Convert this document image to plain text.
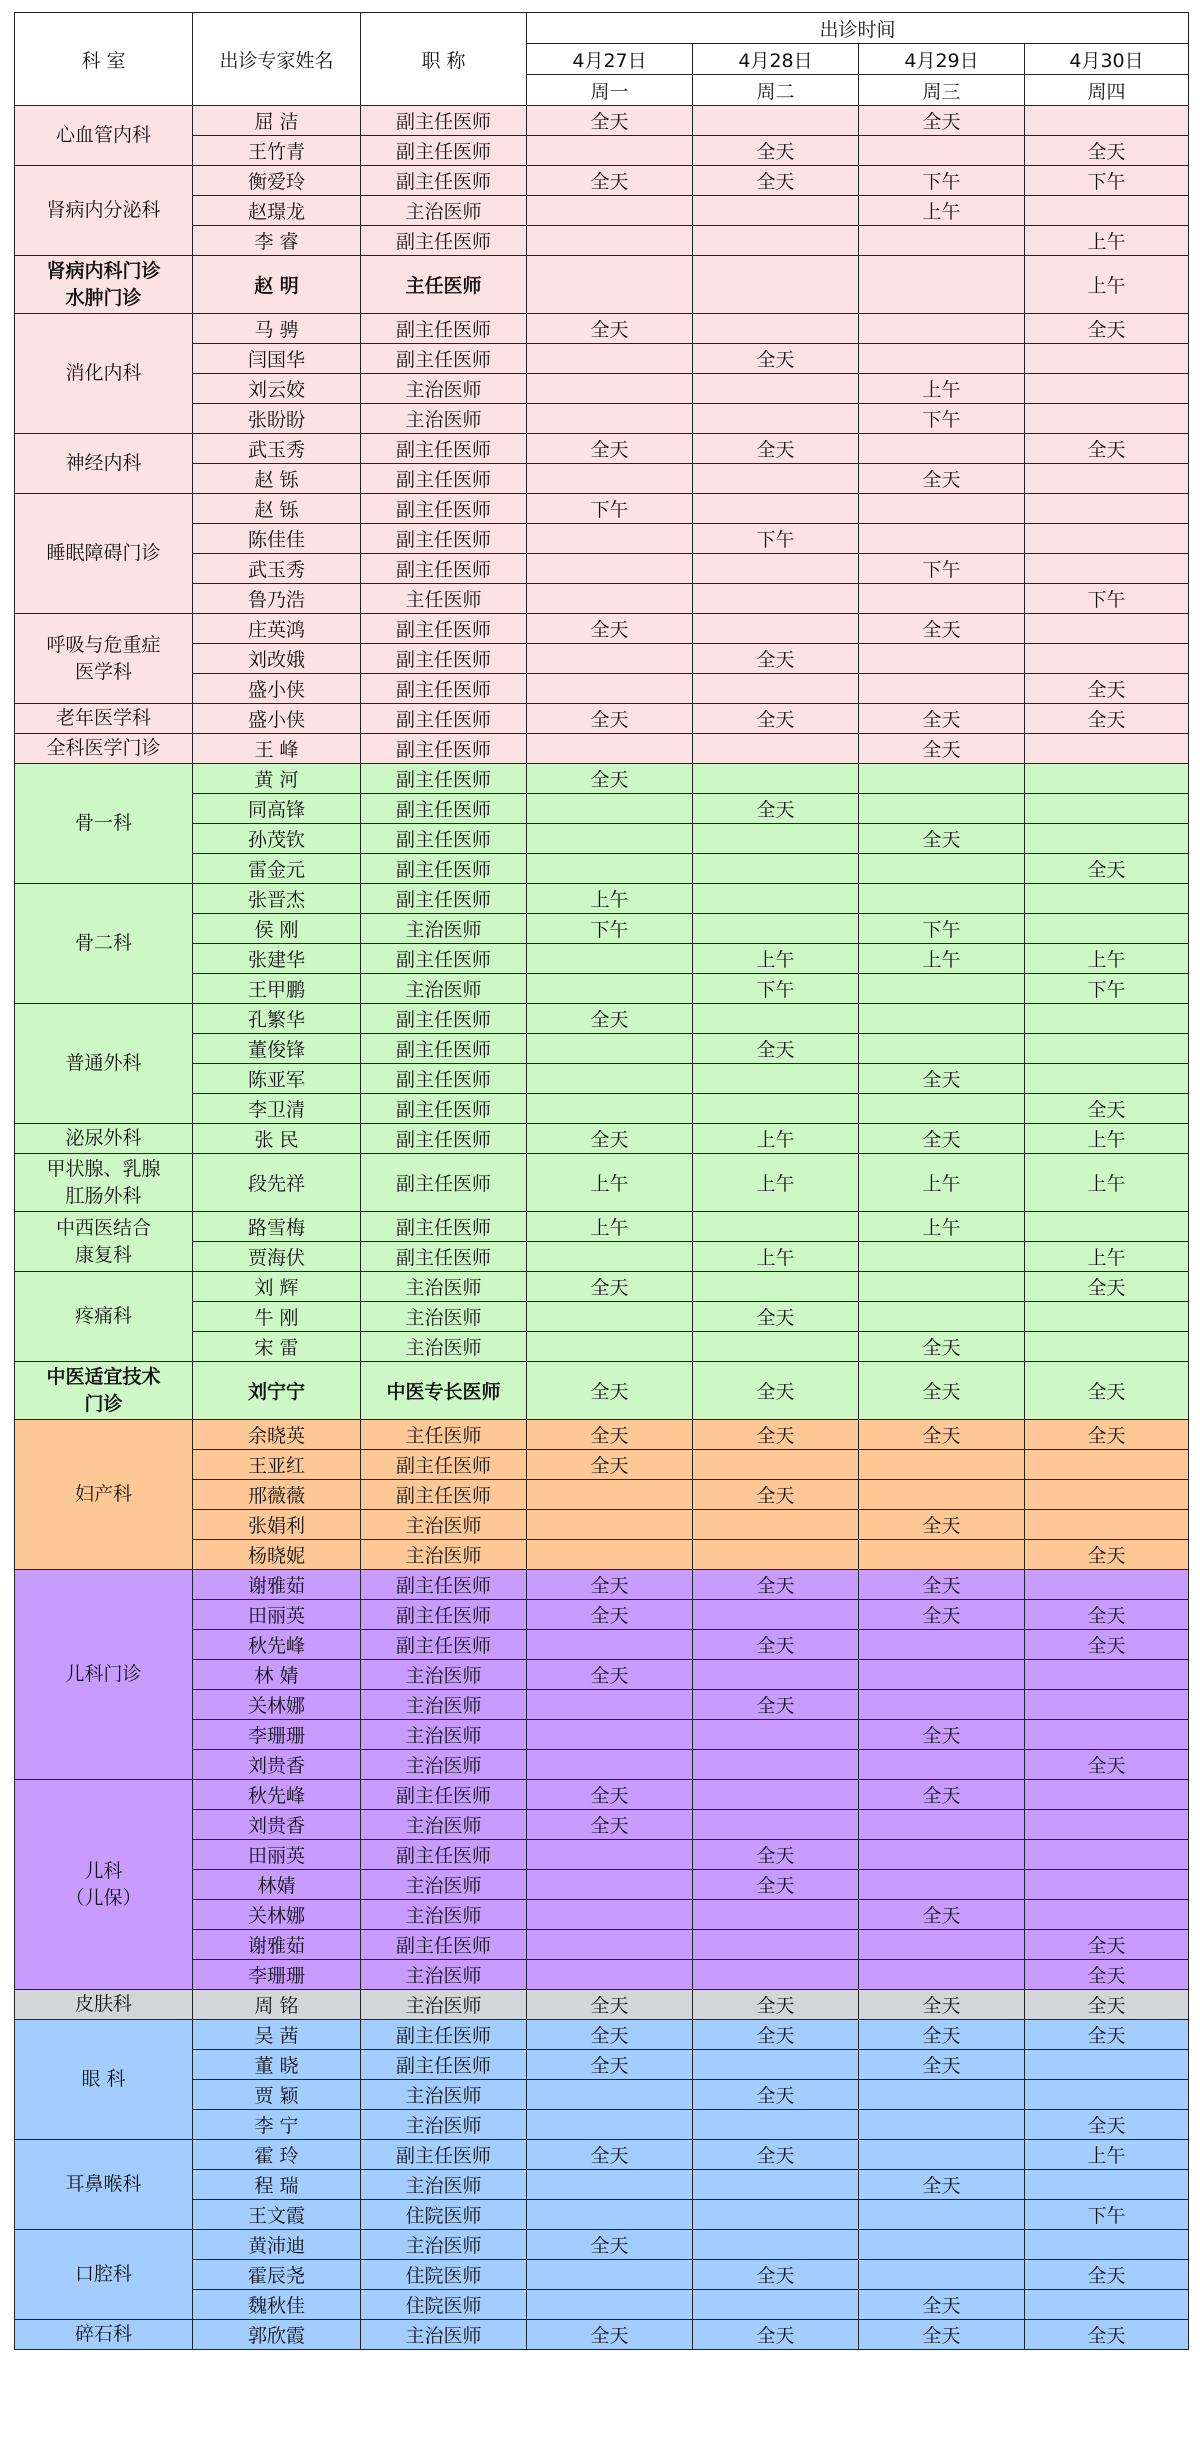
科 室	出诊专家姓名	职 称	出诊时间			
			4月27日	4月28日	4月29日	4月30日
			周一	周二	周三	周四
心血管内科	屈 洁	副主任医师	全天		全天	
	王竹青	副主任医师		全天		全天
肾病内分泌科	衡爱玲	副主任医师	全天	全天	下午	下午
	赵璟龙	主治医师			上午	
	李 睿	副主任医师				上午
肾病内科门诊
水肿门诊	赵 明	主任医师				上午
消化内科	马 骋	副主任医师	全天			全天
	闫国华	副主任医师		全天		
	刘云姣	主治医师			上午	
	张盼盼	主治医师			下午	
神经内科	武玉秀	副主任医师	全天	全天		全天
	赵 铄	副主任医师			全天	
睡眠障碍门诊	赵 铄	副主任医师	下午			
	陈佳佳	副主任医师		下午		
	武玉秀	副主任医师			下午	
	鲁乃浩	主任医师				下午
呼吸与危重症
医学科	庄英鸿	副主任医师	全天		全天	
	刘改娥	副主任医师		全天		
	盛小侠	副主任医师				全天
老年医学科	盛小侠	副主任医师	全天	全天	全天	全天
全科医学门诊	王 峰	副主任医师			全天	
骨一科	黄 河	副主任医师	全天			
	同高锋	副主任医师		全天		
	孙茂钦	副主任医师			全天	
	雷金元	副主任医师				全天
骨二科	张晋杰	副主任医师	上午			
	侯 刚	主治医师	下午		下午	
	张建华	副主任医师		上午	上午	上午
	王甲鹏	主治医师		下午		下午
普通外科	孔繁华	副主任医师	全天			
	董俊锋	副主任医师		全天		
	陈亚军	副主任医师			全天	
	李卫清	副主任医师				全天
泌尿外科	张 民	副主任医师	全天	上午	全天	上午
甲状腺、乳腺
肛肠外科	段先祥	副主任医师	上午	上午	上午	上午
中西医结合
康复科	路雪梅	副主任医师	上午		上午	
	贾海伏	副主任医师		上午		上午
疼痛科	刘 辉	主治医师	全天			全天
	牛 刚	主治医师		全天		
	宋 雷	主治医师			全天	
中医适宜技术
门诊	刘宁宁	中医专长医师	全天	全天	全天	全天
妇产科	余晓英	主任医师	全天	全天	全天	全天
	王亚红	副主任医师	全天			
	邢薇薇	副主任医师		全天		
	张娟利	主治医师			全天	
	杨晓妮	主治医师				全天
儿科门诊	谢雅茹	副主任医师	全天	全天	全天	
	田丽英	副主任医师	全天		全天	全天
	秋先峰	副主任医师		全天		全天
	林 婧	主治医师	全天			
	关林娜	主治医师		全天		
	李珊珊	主治医师			全天	
	刘贵香	主治医师				全天
儿科
（儿保）	秋先峰	副主任医师	全天		全天	
	刘贵香	主治医师	全天			
	田丽英	副主任医师		全天		
	林婧	主治医师		全天		
	关林娜	主治医师			全天	
	谢雅茹	副主任医师				全天
	李珊珊	主治医师				全天
皮肤科	周 铭	主治医师	全天	全天	全天	全天
眼 科	吴 茜	副主任医师	全天	全天	全天	全天
	董 晓	副主任医师	全天		全天	
	贾 颖	主治医师		全天		
	李 宁	主治医师				全天
耳鼻喉科	霍 玲	副主任医师	全天	全天		上午
	程 瑞	主治医师			全天	
	王文霞	住院医师				下午
口腔科	黄沛迪	主治医师	全天			
	霍辰尧	住院医师		全天		全天
	魏秋佳	住院医师			全天	
碎石科	郭欣霞	主治医师	全天	全天	全天	全天
